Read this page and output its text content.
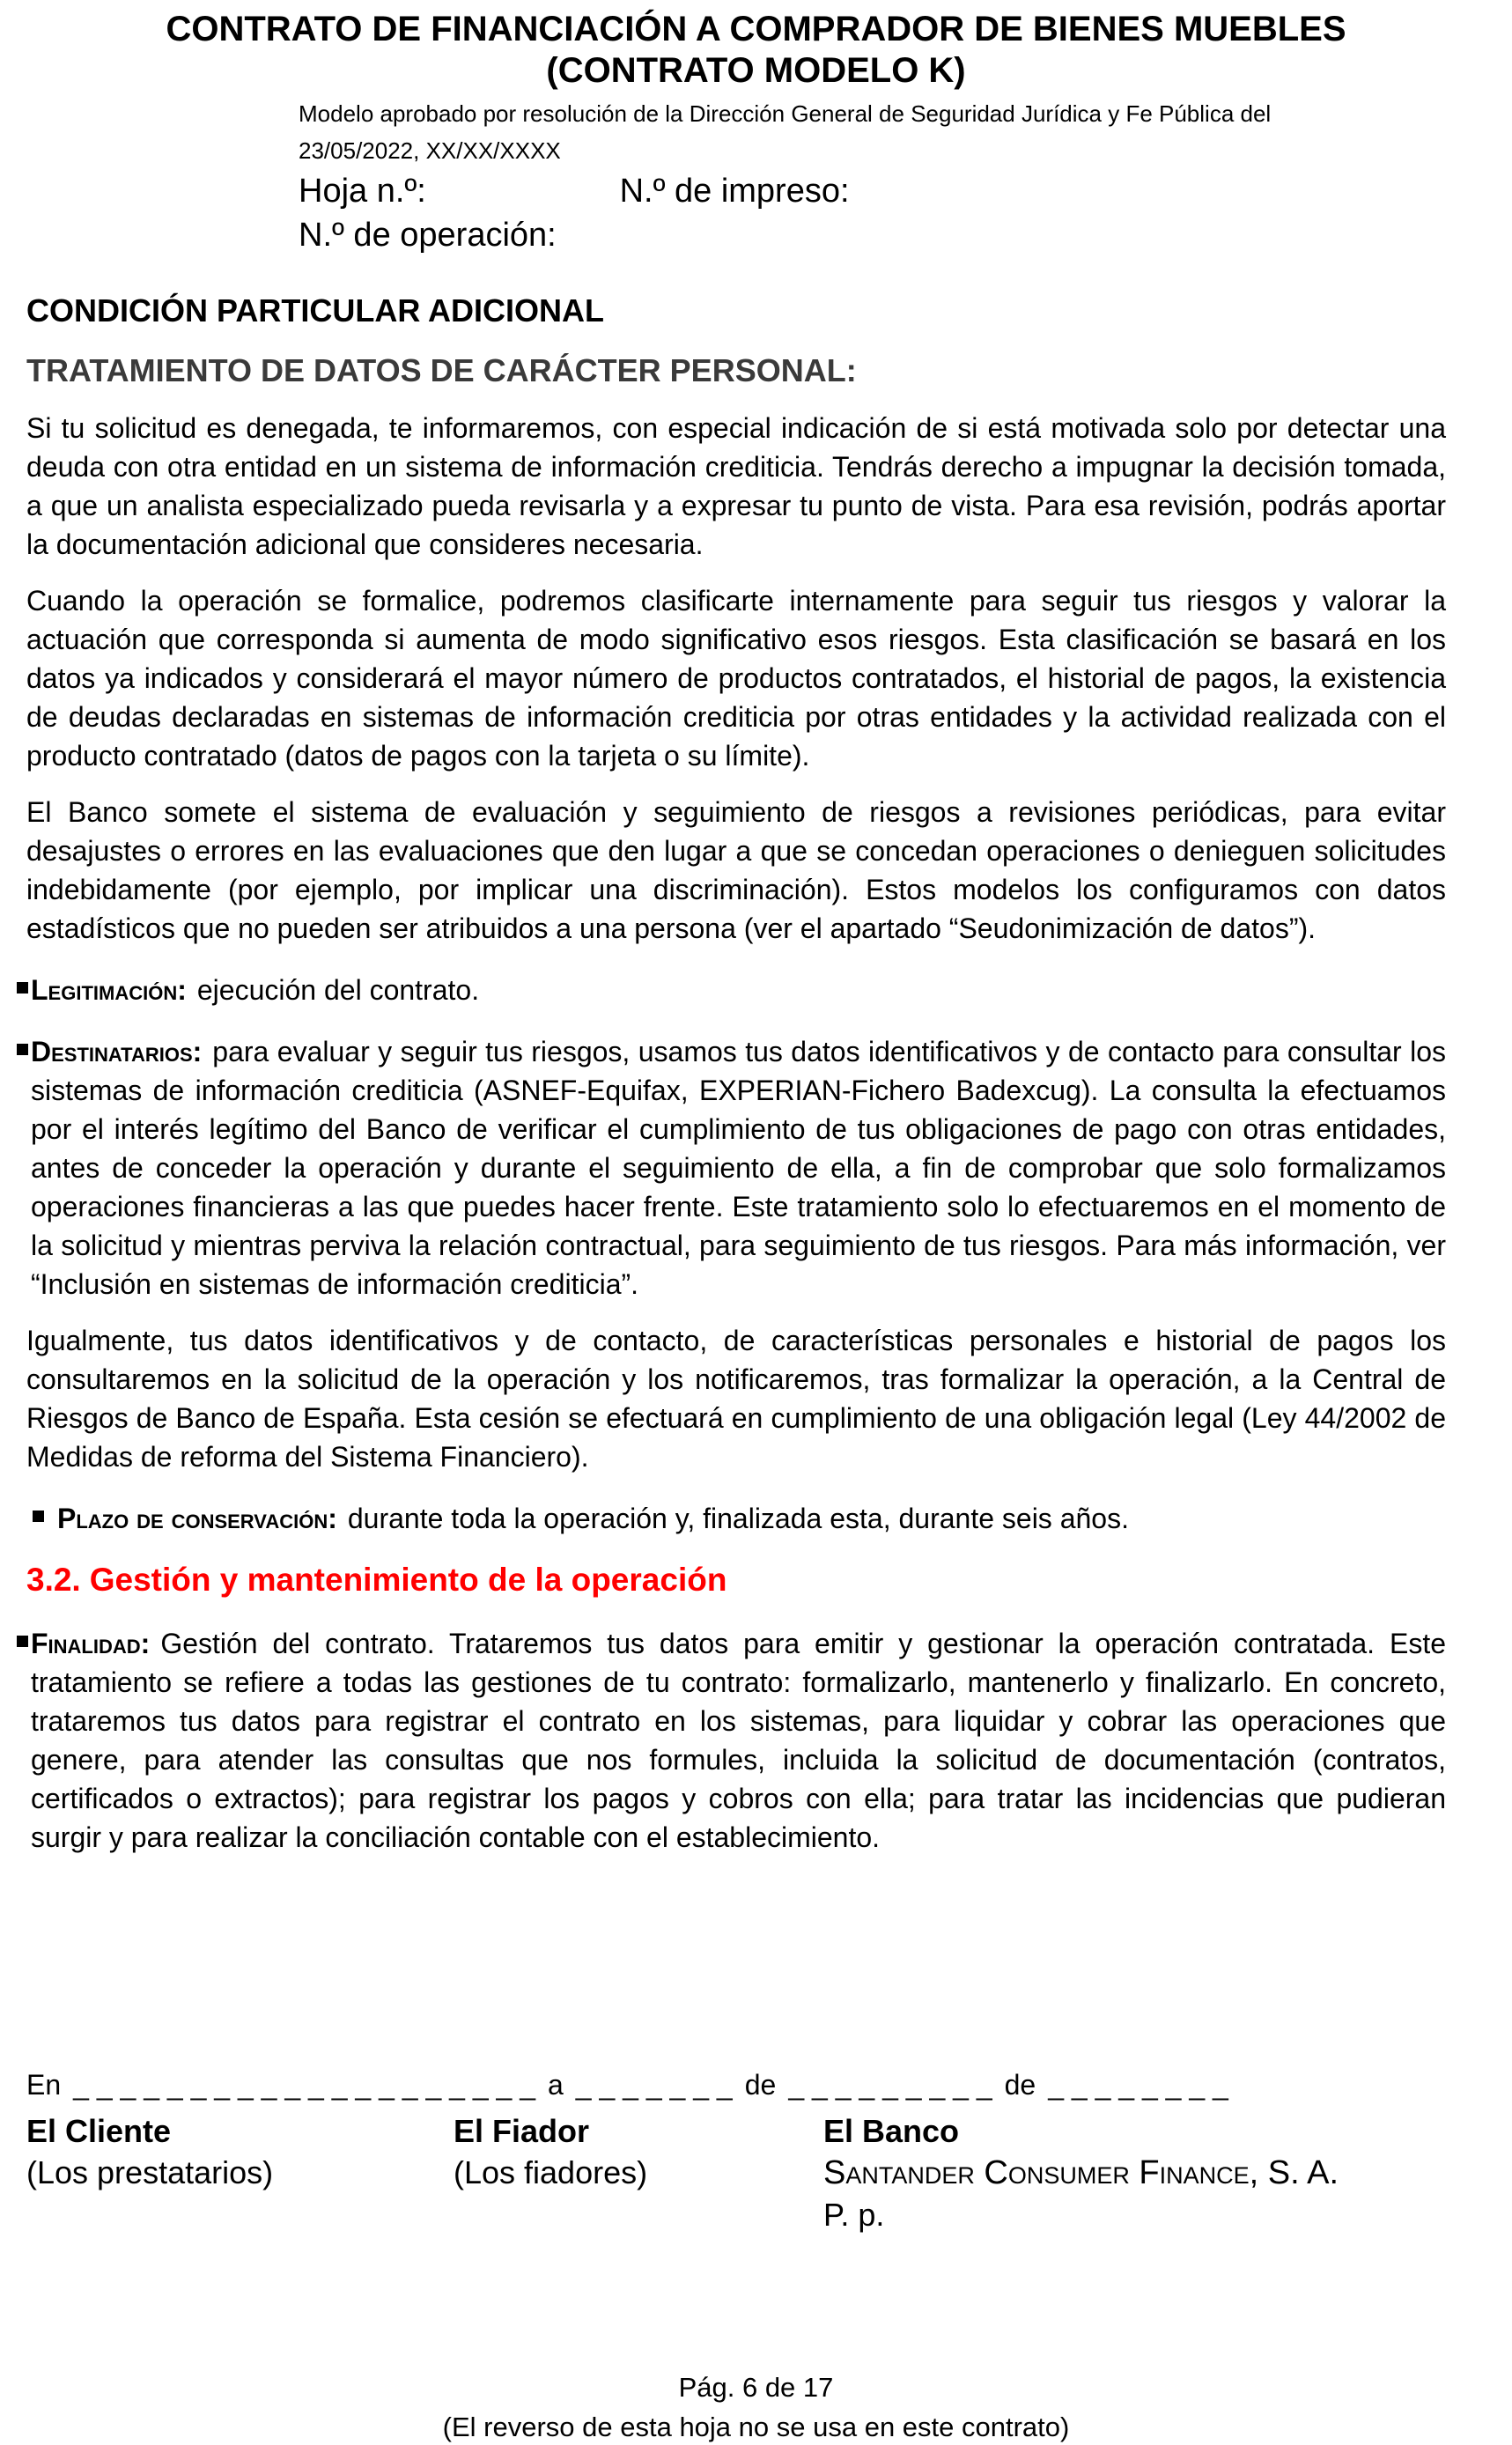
CONTRATO DE FINANCIACIÓN A COMPRADOR DE BIENES MUEBLES
(CONTRATO MODELO K)
Modelo aprobado por resolución de la Dirección General de Seguridad Jurídica y Fe Pública del
23/05/2022, XX/XX/XXXX
Hoja n.º:	N.º de impreso:
N.º de operación:
CONDICIÓN PARTICULAR ADICIONAL
TRATAMIENTO DE DATOS DE CARÁCTER PERSONAL:

Si tu solicitud es denegada, te informaremos, con especial indicación de si está motivada solo por detectar una deuda con otra entidad en un sistema de información crediticia. Tendrás derecho a impugnar la decisión tomada, a que un analista especializado pueda revisarla y a expresar tu punto de vista. Para esa revisión, podrás aportar la documentación adicional que consideres necesaria.

Cuando la operación se formalice, podremos clasificarte internamente para seguir tus riesgos y valorar la actuación que corresponda si aumenta de modo significativo esos riesgos. Esta clasificación se basará en los datos ya indicados y considerará el mayor número de productos contratados, el historial de pagos, la existencia de deudas declaradas en sistemas de información crediticia por otras entidades y la actividad realizada con el producto contratado (datos de pagos con la tarjeta o su límite).

El Banco somete el sistema de evaluación y seguimiento de riesgos a revisiones periódicas, para evitar desajustes o errores en las evaluaciones que den lugar a que se concedan operaciones o denieguen solicitudes indebidamente (por ejemplo, por implicar una discriminación). Estos modelos los configuramos con datos estadísticos que no pueden ser atribuidos a una persona (ver el apartado “Seudonimización de datos”).

Legitimación: ejecución del contrato.

Destinatarios: para evaluar y seguir tus riesgos, usamos tus datos identificativos y de contacto para consultar los sistemas de información crediticia (ASNEF-Equifax, EXPERIAN-Fichero Badexcug). La consulta la efectuamos por el interés legítimo del Banco de verificar el cumplimiento de tus obligaciones de pago con otras entidades, antes de conceder la operación y durante el seguimiento de ella, a fin de comprobar que solo formalizamos operaciones financieras a las que puedes hacer frente. Este tratamiento solo lo efectuaremos en el momento de la solicitud y mientras perviva la relación contractual, para seguimiento de tus riesgos. Para más información, ver “Inclusión en sistemas de información crediticia”.

Igualmente, tus datos identificativos y de contacto, de características personales e historial de pagos los consultaremos en la solicitud de la operación y los notificaremos, tras formalizar la operación, a la Central de Riesgos de Banco de España. Esta cesión se efectuará en cumplimiento de una obligación legal (Ley 44/2002 de Medidas de reforma del Sistema Financiero).

Plazo de conservación: durante toda la operación y, finalizada esta, durante seis años.

3.2. Gestión y mantenimiento de la operación

Finalidad: Gestión del contrato. Trataremos tus datos para emitir y gestionar la operación contratada. Este tratamiento se refiere a todas las gestiones de tu contrato: formalizarlo, mantenerlo y finalizarlo. En concreto, trataremos tus datos para registrar el contrato en los sistemas, para liquidar y cobrar las operaciones que genere, para atender las consultas que nos formules, incluida la solicitud de documentación (contratos, certificados o extractos); para registrar los pagos y cobros con ella; para tratar las incidencias que pudieran surgir y para realizar la conciliación contable con el establecimiento.

En _ _ _ _ _ _ _ _ _ _ _ _ _ _ _ _ _ _ _ _ a _ _ _ _ _ _ _ de _ _ _ _ _ _ _ _ _ de _ _ _ _ _ _ _ _
El Cliente
(Los prestatarios)
El Fiador
(Los fiadores)
El Banco
Santander Consumer Finance, S. A.
P. p.
Pág. 6 de 17
(El reverso de esta hoja no se usa en este contrato)
